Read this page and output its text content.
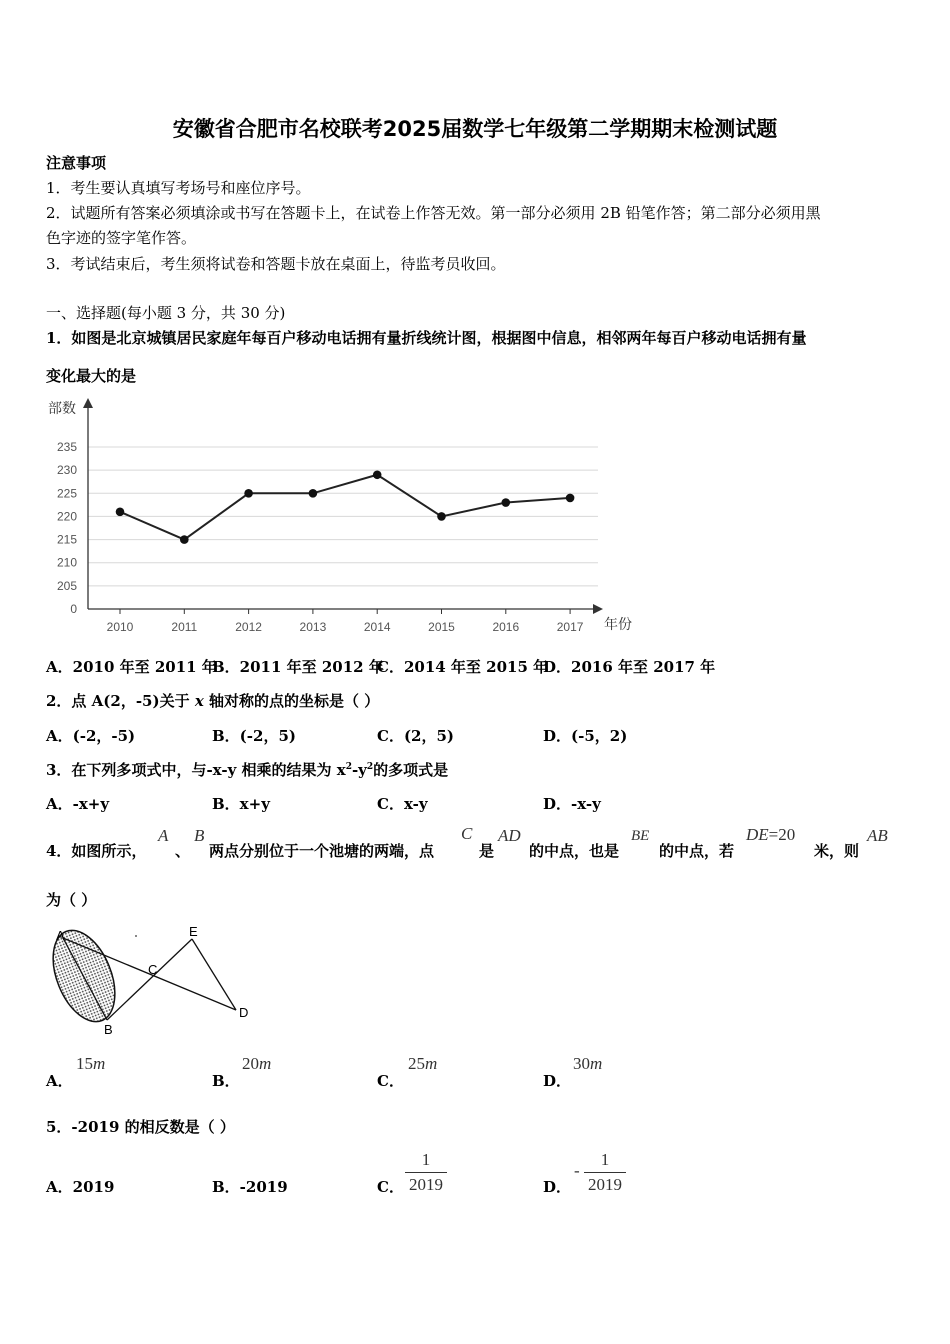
安徽省合肥市名校联考2025届数学七年级第二学期期末检测试题
注意事项
1．考生要认真填写考场号和座位序号。
2．试题所有答案必须填涂或书写在答题卡上，在试卷上作答无效。第一部分必须用 2B 铅笔作答；第二部分必须用黑
色字迹的签字笔作答。
3．考试结束后，考生须将试卷和答题卡放在桌面上，待监考员收回。
一、选择题(每小题 3 分，共 30 分)
1．如图是北京城镇居民家庭年每百户移动电话拥有量折线统计图，根据图中信息，相邻两年每百户移动电话拥有量
变化最大的是
部数
年份
0
205
210
215
220
225
230
235
2010	2011	2012	2013	2014	2015	2016	2017
A．2010 年至 2011 年
B．2011 年至 2012 年
C．2014 年至 2015 年
D．2016 年至 2017 年
2．点 A(2，-5)关于 x 轴对称的点的坐标是（ ）
A．(-2，-5)	B．(-2，5)	C．(2，5)	D．(-5，2)
3．在下列多项式中，与-x-y 相乘的结果为 $x^2-y^2$的多项式是
A．-x+y	B．x+y	C．x-y	D．-x-y
4．如图所示，
A
、
B
两点分别位于一个池塘的两端，点
C
是
AD
的中点，也是
BE
的中点，若
DE=20
米，则
AB
为（ ）
A
B
C
D
E
A．
15m
B．
20m
C．
25m
D．
30m
5．-2019 的相反数是（ ）
A．2019	B．-2019	C． $\frac{1}{2019}$	D．
- $\frac{1}{2019}$
